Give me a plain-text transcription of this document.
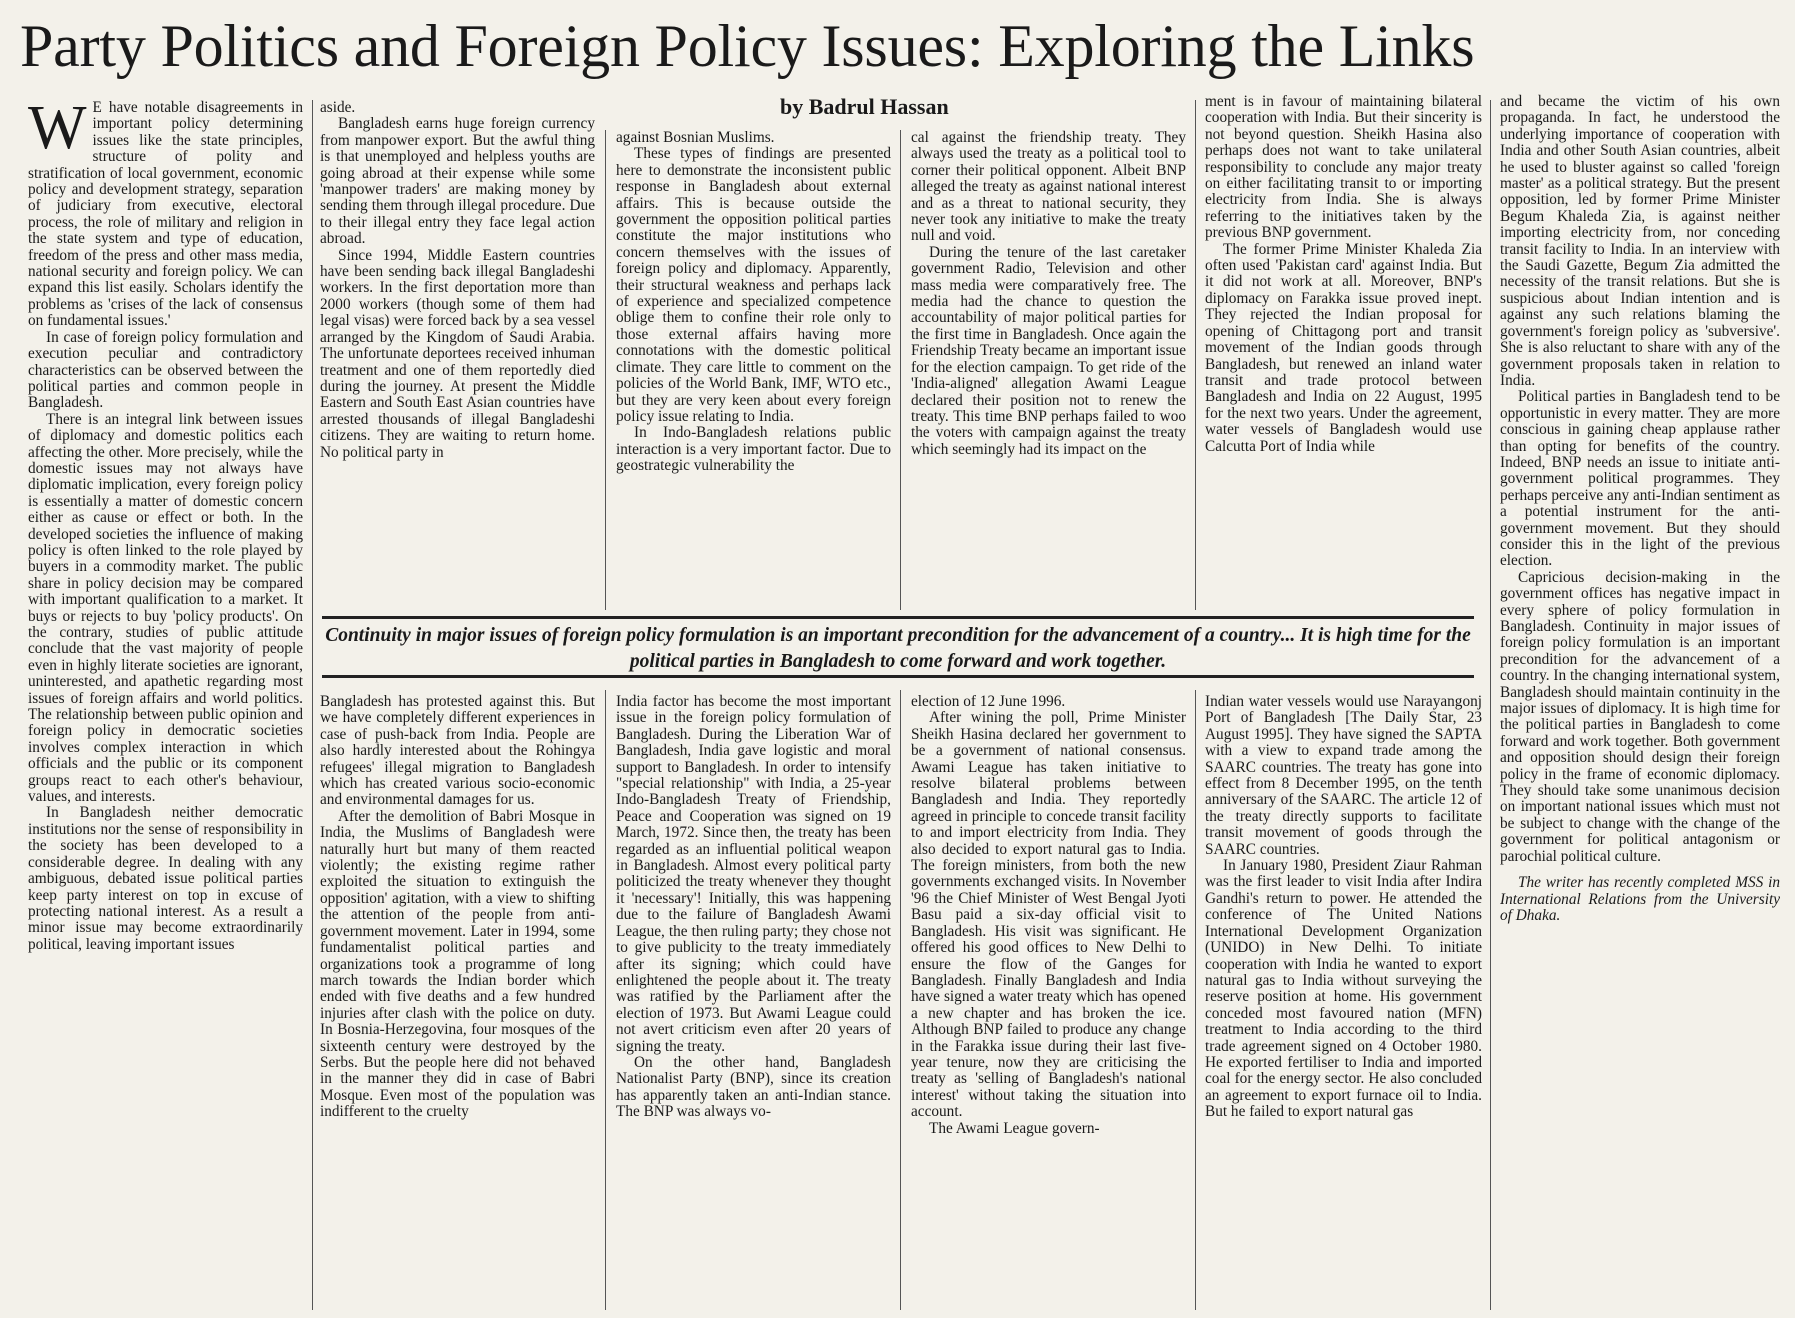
Party Politics and Foreign Policy Issues: Exploring the Links
by Badrul Hassan

W E have notable disagreements in important policy determining issues like the state principles, structure of polity and stratification of local government, economic policy and development strategy, separation of judiciary from executive, electoral process, the role of military and religion in the state system and type of education, freedom of the press and other mass media, national security and foreign policy. We can expand this list easily. Scholars identify the problems as 'crises of the lack of consensus on fundamental issues.'

In case of foreign policy formulation and execution peculiar and contradictory characteristics can be observed between the political parties and common people in Bangladesh.

There is an integral link between issues of diplomacy and domestic politics each affecting the other. More precisely, while the domestic issues may not always have diplomatic implication, every foreign policy is essentially a matter of domestic concern either as cause or effect or both. In the developed societies the influence of making policy is often linked to the role played by buyers in a commodity market. The public share in policy decision may be compared with important qualification to a market. It buys or rejects to buy 'policy products'. On the contrary, studies of public attitude conclude that the vast majority of people even in highly literate societies are ignorant, uninterested, and apathetic regarding most issues of foreign affairs and world politics. The relationship between public opinion and foreign policy in democratic societies involves complex interaction in which officials and the public or its component groups react to each other's behaviour, values, and interests.

In Bangladesh neither democratic institutions nor the sense of responsibility in the society has been developed to a considerable degree. In dealing with any ambiguous, debated issue political parties keep party interest on top in excuse of protecting national interest. As a result a minor issue may become extraordinarily political, leaving important issues

aside.

Bangladesh earns huge foreign currency from manpower export. But the awful thing is that unemployed and helpless youths are going abroad at their expense while some 'manpower traders' are making money by sending them through illegal procedure. Due to their illegal entry they face legal action abroad.

Since 1994, Middle Eastern countries have been sending back illegal Bangladeshi workers. In the first deportation more than 2000 workers (though some of them had legal visas) were forced back by a sea vessel arranged by the Kingdom of Saudi Arabia. The unfortunate deportees received inhuman treatment and one of them reportedly died during the journey. At present the Middle Eastern and South East Asian countries have arrested thousands of illegal Bangladeshi citizens. They are waiting to return home. No political party in

Bangladesh has protested against this. But we have completely different experiences in case of push-back from India. People are also hardly interested about the Rohingya refugees' illegal migration to Bangladesh which has created various socio-economic and environmental damages for us.

After the demolition of Babri Mosque in India, the Muslims of Bangladesh were naturally hurt but many of them reacted violently; the existing regime rather exploited the situation to extinguish the opposition' agitation, with a view to shifting the attention of the people from anti-government movement. Later in 1994, some fundamentalist political parties and organizations took a programme of long march towards the Indian border which ended with five deaths and a few hundred injuries after clash with the police on duty. In Bosnia-Herzegovina, four mosques of the sixteenth century were destroyed by the Serbs. But the people here did not behaved in the manner they did in case of Babri Mosque. Even most of the population was indifferent to the cruelty

against Bosnian Muslims.

These types of findings are presented here to demonstrate the inconsistent public response in Bangladesh about external affairs. This is because outside the government the opposition political parties constitute the major institutions who concern themselves with the issues of foreign policy and diplomacy. Apparently, their structural weakness and perhaps lack of experience and specialized competence oblige them to confine their role only to those external affairs having more connotations with the domestic political climate. They care little to comment on the policies of the World Bank, IMF, WTO etc., but they are very keen about every foreign policy issue relating to India.

In Indo-Bangladesh relations public interaction is a very important factor. Due to geostrategic vulnerability the

India factor has become the most important issue in the foreign policy formulation of Bangladesh. During the Liberation War of Bangladesh, India gave logistic and moral support to Bangladesh. In order to intensify "special relationship" with India, a 25-year Indo-Bangladesh Treaty of Friendship, Peace and Cooperation was signed on 19 March, 1972. Since then, the treaty has been regarded as an influential political weapon in Bangladesh. Almost every political party politicized the treaty whenever they thought it 'necessary'! Initially, this was happening due to the failure of Bangladesh Awami League, the then ruling party; they chose not to give publicity to the treaty immediately after its signing; which could have enlightened the people about it. The treaty was ratified by the Parliament after the election of 1973. But Awami League could not avert criticism even after 20 years of signing the treaty.

On the other hand, Bangladesh Nationalist Party (BNP), since its creation has apparently taken an anti-Indian stance. The BNP was always vo-

cal against the friendship treaty. They always used the treaty as a political tool to corner their political opponent. Albeit BNP alleged the treaty as against national interest and as a threat to national security, they never took any initiative to make the treaty null and void.

During the tenure of the last caretaker government Radio, Television and other mass media were comparatively free. The media had the chance to question the accountability of major political parties for the first time in Bangladesh. Once again the Friendship Treaty became an important issue for the election campaign. To get ride of the 'India-aligned' allegation Awami League declared their position not to renew the treaty. This time BNP perhaps failed to woo the voters with campaign against the treaty which seemingly had its impact on the

election of 12 June 1996.

After wining the poll, Prime Minister Sheikh Hasina declared her government to be a government of national consensus. Awami League has taken initiative to resolve bilateral problems between Bangladesh and India. They reportedly agreed in principle to concede transit facility to and import electricity from India. They also decided to export natural gas to India. The foreign ministers, from both the new governments exchanged visits. In November '96 the Chief Minister of West Bengal Jyoti Basu paid a six-day official visit to Bangladesh. His visit was significant. He offered his good offices to New Delhi to ensure the flow of the Ganges for Bangladesh. Finally Bangladesh and India have signed a water treaty which has opened a new chapter and has broken the ice. Although BNP failed to produce any change in the Farakka issue during their last five-year tenure, now they are criticising the treaty as 'selling of Bangladesh's national interest' without taking the situation into account.

The Awami League govern-

ment is in favour of maintaining bilateral cooperation with India. But their sincerity is not beyond question. Sheikh Hasina also perhaps does not want to take unilateral responsibility to conclude any major treaty on either facilitating transit to or importing electricity from India. She is always referring to the initiatives taken by the previous BNP government.

The former Prime Minister Khaleda Zia often used 'Pakistan card' against India. But it did not work at all. Moreover, BNP's diplomacy on Farakka issue proved inept. They rejected the Indian proposal for opening of Chittagong port and transit movement of the Indian goods through Bangladesh, but renewed an inland water transit and trade protocol between Bangladesh and India on 22 August, 1995 for the next two years. Under the agreement, water vessels of Bangladesh would use Calcutta Port of India while

Indian water vessels would use Narayangonj Port of Bangladesh [The Daily Star, 23 August 1995]. They have signed the SAPTA with a view to expand trade among the SAARC countries. The treaty has gone into effect from 8 December 1995, on the tenth anniversary of the SAARC. The article 12 of the treaty directly supports to facilitate transit movement of goods through the SAARC countries.

In January 1980, President Ziaur Rahman was the first leader to visit India after Indira Gandhi's return to power. He attended the conference of The United Nations International Development Organization (UNIDO) in New Delhi. To initiate cooperation with India he wanted to export natural gas to India without surveying the reserve position at home. His government conceded most favoured nation (MFN) treatment to India according to the third trade agreement signed on 4 October 1980. He exported fertiliser to India and imported coal for the energy sector. He also concluded an agreement to export furnace oil to India. But he failed to export natural gas

and became the victim of his own propaganda. In fact, he understood the underlying importance of cooperation with India and other South Asian countries, albeit he used to bluster against so called 'foreign master' as a political strategy. But the present opposition, led by former Prime Minister Begum Khaleda Zia, is against neither importing electricity from, nor conceding transit facility to India. In an interview with the Saudi Gazette, Begum Zia admitted the necessity of the transit relations. But she is suspicious about Indian intention and is against any such relations blaming the government's foreign policy as 'subversive'. She is also reluctant to share with any of the government proposals taken in relation to India.

Political parties in Bangladesh tend to be opportunistic in every matter. They are more conscious in gaining cheap applause rather than opting for benefits of the country. Indeed, BNP needs an issue to initiate anti-government political programmes. They perhaps perceive any anti-Indian sentiment as a potential instrument for the anti-government movement. But they should consider this in the light of the previous election.

Capricious decision-making in the government offices has negative impact in every sphere of policy formulation in Bangladesh. Continuity in major issues of foreign policy formulation is an important precondition for the advancement of a country. In the changing international system, Bangladesh should maintain continuity in the major issues of diplomacy. It is high time for the political parties in Bangladesh to come forward and work together. Both government and opposition should design their foreign policy in the frame of economic diplomacy. They should take some unanimous decision on important national issues which must not be subject to change with the change of the government for political antagonism or parochial political culture.

The writer has recently completed MSS in International Relations from the University of Dhaka.

Continuity in major issues of foreign policy formulation is an important precondition for the advancement of a country... It is high time for the political parties in Bangladesh to come forward and work together.
